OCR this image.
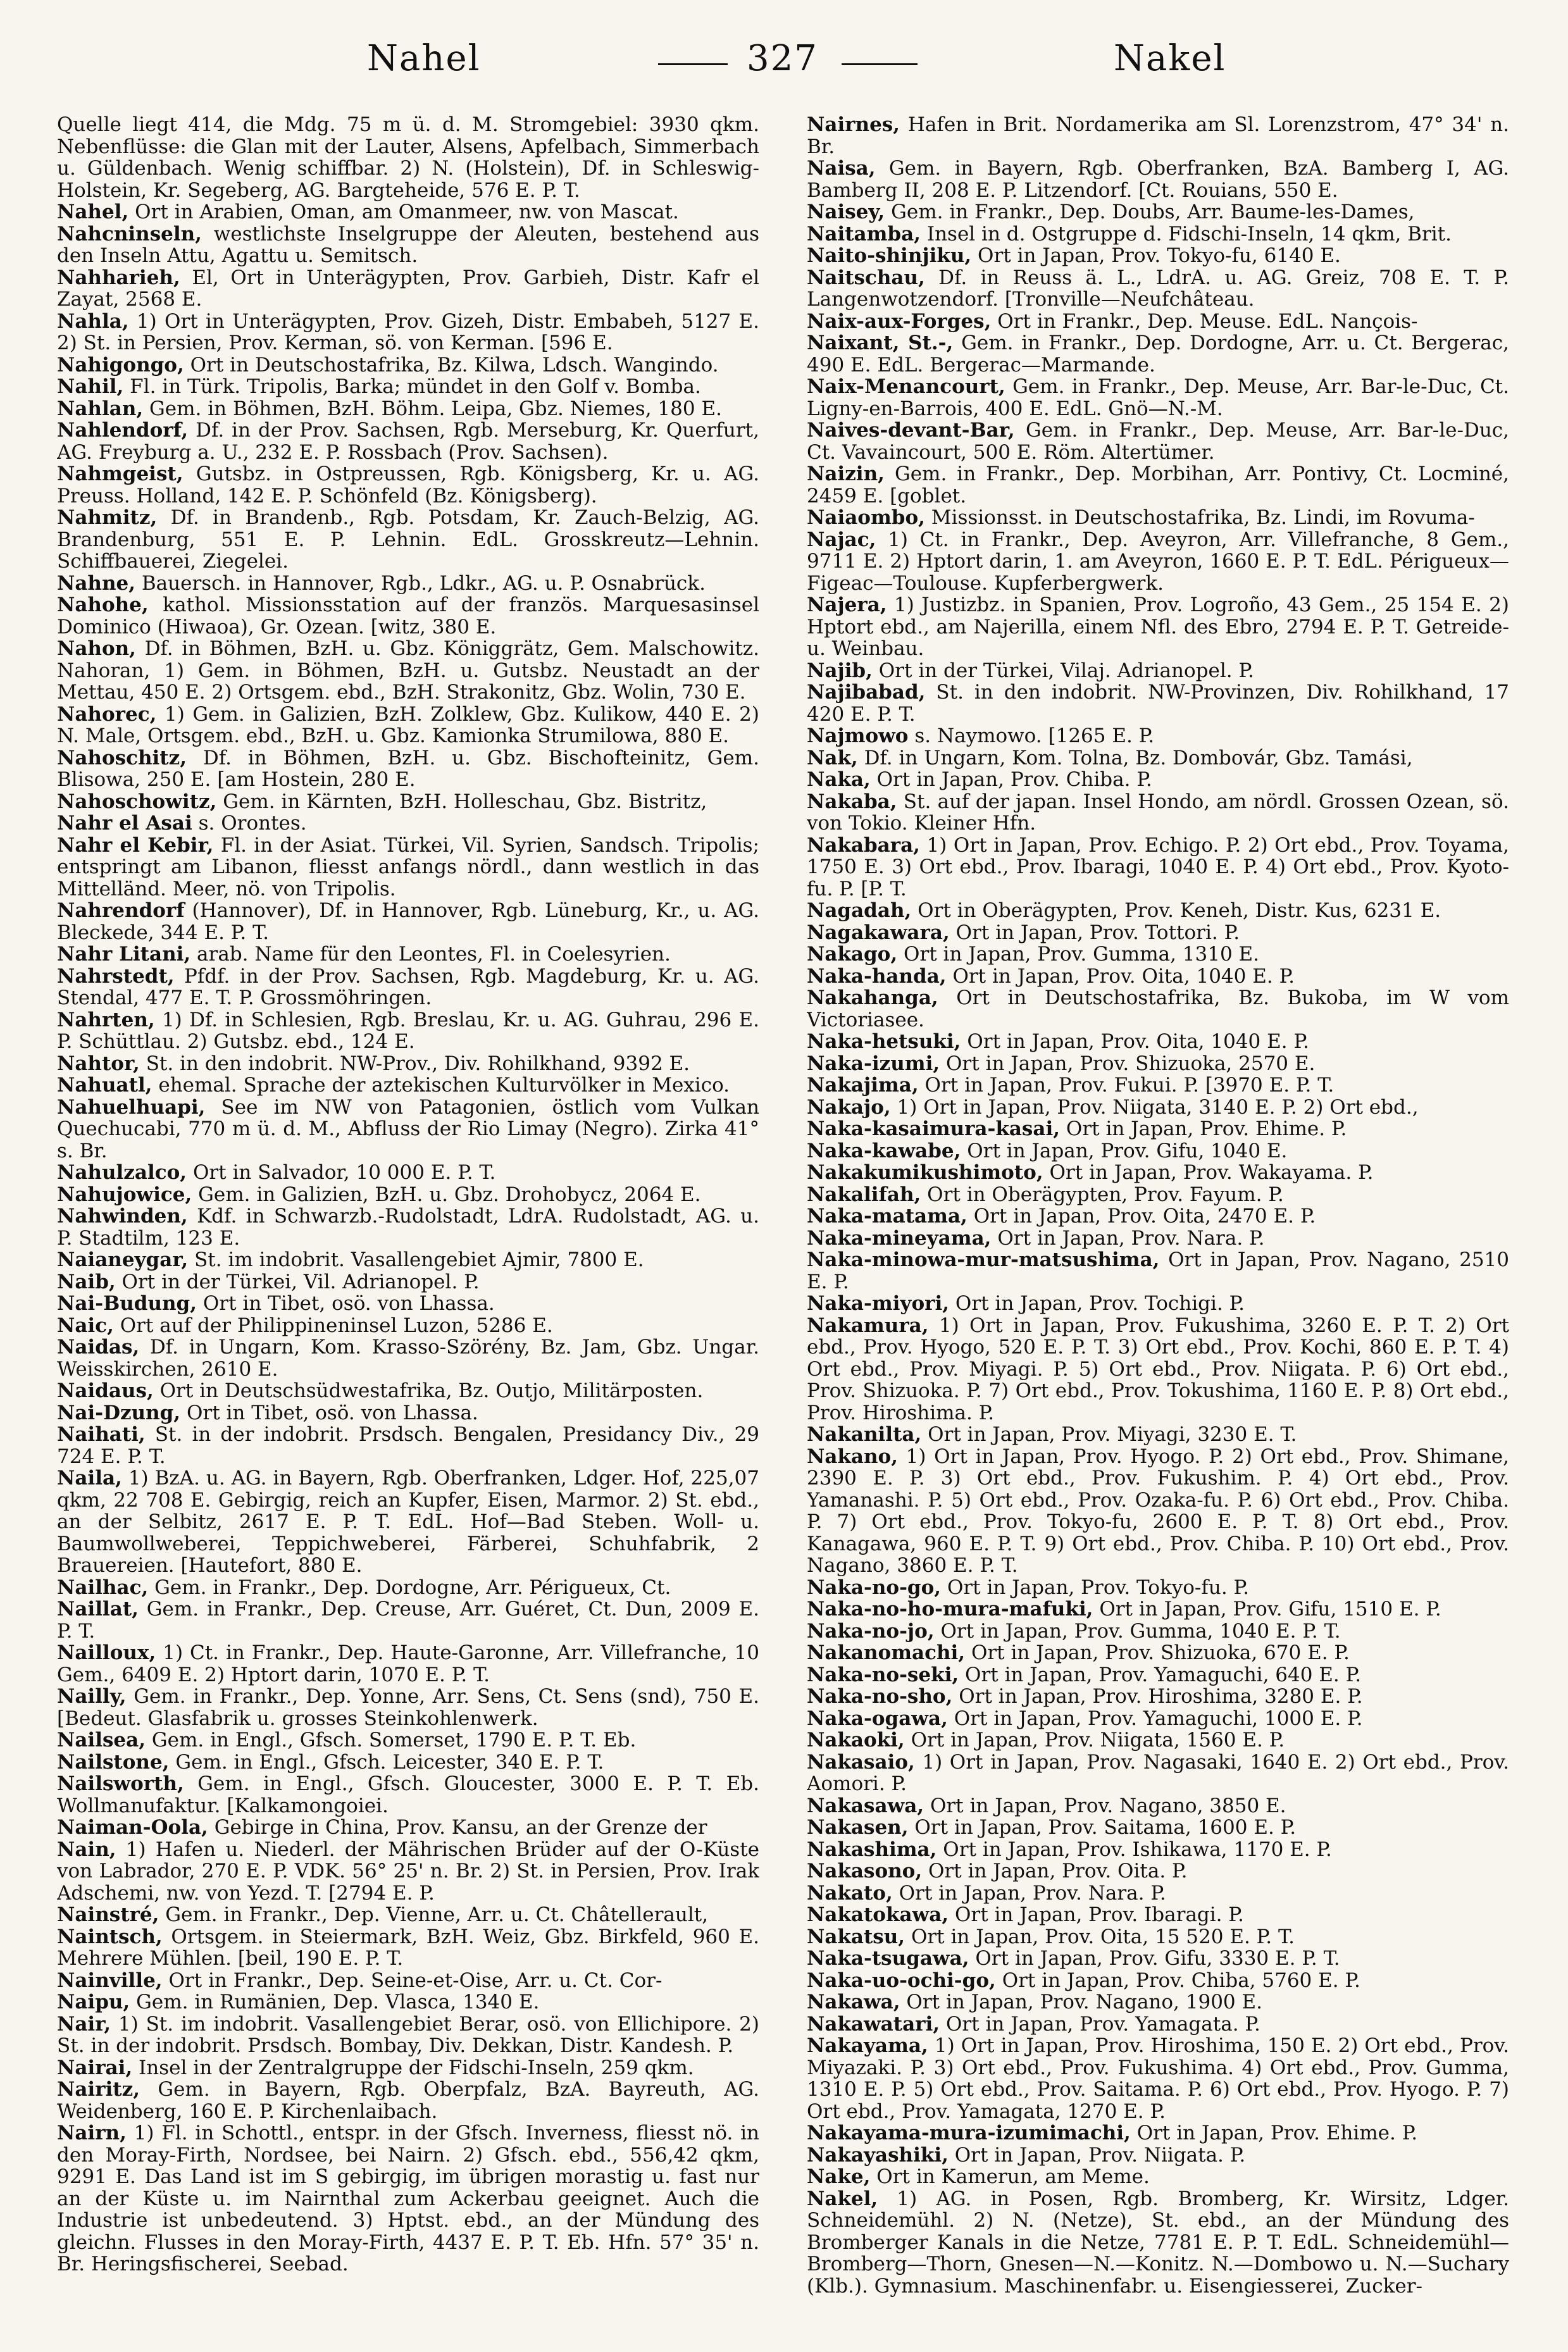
Nahel	327	Nakel

Quelle liegt 414, die Mdg. 75 m ü. d. M. Stromgebiel: 3930 qkm. Nebenflüsse: die Glan mit der Lauter, Alsens, Apfelbach, Simmerbach u. Güldenbach. Wenig schiffbar. 2) N. (Holstein), Df. in Schleswig-Holstein, Kr. Segeberg, AG. Bargteheide, 576 E. P. T.

Nahel, Ort in Arabien, Oman, am Omanmeer, nw. von Mascat.

Nahcninseln, westlichste Inselgruppe der Aleuten, bestehend aus den Inseln Attu, Agattu u. Semitsch.

Nahharieh, El, Ort in Unterägypten, Prov. Garbieh, Distr. Kafr el Zayat, 2568 E.

Nahla, 1) Ort in Unterägypten, Prov. Gizeh, Distr. Embabeh, 5127 E. 2) St. in Persien, Prov. Kerman, sö. von Kerman. [596 E.

Nahigongo, Ort in Deutschostafrika, Bz. Kilwa, Ldsch. Wangindo.

Nahil, Fl. in Türk. Tripolis, Barka; mündet in den Golf v. Bomba.

Nahlan, Gem. in Böhmen, BzH. Böhm. Leipa, Gbz. Niemes, 180 E.

Nahlendorf, Df. in der Prov. Sachsen, Rgb. Merseburg, Kr. Querfurt, AG. Freyburg a. U., 232 E. P. Rossbach (Prov. Sachsen).

Nahmgeist, Gutsbz. in Ostpreussen, Rgb. Königsberg, Kr. u. AG. Preuss. Holland, 142 E. P. Schönfeld (Bz. Königsberg).

Nahmitz, Df. in Brandenb., Rgb. Potsdam, Kr. Zauch-Belzig, AG. Brandenburg, 551 E. P. Lehnin. EdL. Grosskreutz—Lehnin. Schiffbauerei, Ziegelei.

Nahne, Bauersch. in Hannover, Rgb., Ldkr., AG. u. P. Osnabrück.

Nahohe, kathol. Missionsstation auf der französ. Marquesasinsel Dominico (Hiwaoa), Gr. Ozean. [witz, 380 E.

Nahon, Df. in Böhmen, BzH. u. Gbz. Königgrätz, Gem. Malschowitz. Nahoran, 1) Gem. in Böhmen, BzH. u. Gutsbz. Neustadt an der Mettau, 450 E. 2) Ortsgem. ebd., BzH. Strakonitz, Gbz. Wolin, 730 E.

Nahorec, 1) Gem. in Galizien, BzH. Zolklew, Gbz. Kulikow, 440 E. 2) N. Male, Ortsgem. ebd., BzH. u. Gbz. Kamionka Strumilowa, 880 E.

Nahoschitz, Df. in Böhmen, BzH. u. Gbz. Bischofteinitz, Gem. Blisowa, 250 E. [am Hostein, 280 E.

Nahoschowitz, Gem. in Kärnten, BzH. Holleschau, Gbz. Bistritz,

Nahr el Asai s. Orontes.

Nahr el Kebir, Fl. in der Asiat. Türkei, Vil. Syrien, Sandsch. Tripolis; entspringt am Libanon, fliesst anfangs nördl., dann westlich in das Mittelländ. Meer, nö. von Tripolis.

Nahrendorf (Hannover), Df. in Hannover, Rgb. Lüneburg, Kr., u. AG. Bleckede, 344 E. P. T.

Nahr Litani, arab. Name für den Leontes, Fl. in Coelesyrien.

Nahrstedt, Pfdf. in der Prov. Sachsen, Rgb. Magdeburg, Kr. u. AG. Stendal, 477 E. T. P. Grossmöhringen.

Nahrten, 1) Df. in Schlesien, Rgb. Breslau, Kr. u. AG. Guhrau, 296 E. P. Schüttlau. 2) Gutsbz. ebd., 124 E.

Nahtor, St. in den indobrit. NW-Prov., Div. Rohilkhand, 9392 E.

Nahuatl, ehemal. Sprache der aztekischen Kulturvölker in Mexico.

Nahuelhuapi, See im NW von Patagonien, östlich vom Vulkan Quechucabi, 770 m ü. d. M., Abfluss der Rio Limay (Negro). Zirka 41° s. Br.

Nahulzalco, Ort in Salvador, 10 000 E. P. T.

Nahujowice, Gem. in Galizien, BzH. u. Gbz. Drohobycz, 2064 E.

Nahwinden, Kdf. in Schwarzb.-Rudolstadt, LdrA. Rudolstadt, AG. u. P. Stadtilm, 123 E.

Naianeygar, St. im indobrit. Vasallengebiet Ajmir, 7800 E.

Naib, Ort in der Türkei, Vil. Adrianopel. P.

Nai-Budung, Ort in Tibet, osö. von Lhassa.

Naic, Ort auf der Philippineninsel Luzon, 5286 E.

Naidas, Df. in Ungarn, Kom. Krasso-Szörény, Bz. Jam, Gbz. Ungar. Weisskirchen, 2610 E.

Naidaus, Ort in Deutschsüdwestafrika, Bz. Outjo, Militärposten.

Nai-Dzung, Ort in Tibet, osö. von Lhassa.

Naihati, St. in der indobrit. Prsdsch. Bengalen, Presidancy Div., 29 724 E. P. T.

Naila, 1) BzA. u. AG. in Bayern, Rgb. Oberfranken, Ldger. Hof, 225,07 qkm, 22 708 E. Gebirgig, reich an Kupfer, Eisen, Marmor. 2) St. ebd., an der Selbitz, 2617 E. P. T. EdL. Hof—Bad Steben. Woll- u. Baumwollweberei, Teppichweberei, Färberei, Schuhfabrik, 2 Brauereien. [Hautefort, 880 E.

Nailhac, Gem. in Frankr., Dep. Dordogne, Arr. Périgueux, Ct.

Naillat, Gem. in Frankr., Dep. Creuse, Arr. Guéret, Ct. Dun, 2009 E. P. T.

Nailloux, 1) Ct. in Frankr., Dep. Haute-Garonne, Arr. Villefranche, 10 Gem., 6409 E. 2) Hptort darin, 1070 E. P. T.

Nailly, Gem. in Frankr., Dep. Yonne, Arr. Sens, Ct. Sens (snd), 750 E. [Bedeut. Glasfabrik u. grosses Steinkohlenwerk.

Nailsea, Gem. in Engl., Gfsch. Somerset, 1790 E. P. T. Eb.

Nailstone, Gem. in Engl., Gfsch. Leicester, 340 E. P. T.

Nailsworth, Gem. in Engl., Gfsch. Gloucester, 3000 E. P. T. Eb. Wollmanufaktur. [Kalkamongoiei.

Naiman-Oola, Gebirge in China, Prov. Kansu, an der Grenze der

Nain, 1) Hafen u. Niederl. der Mährischen Brüder auf der O-Küste von Labrador, 270 E. P. VDK. 56° 25' n. Br. 2) St. in Persien, Prov. Irak Adschemi, nw. von Yezd. T. [2794 E. P.

Nainstré, Gem. in Frankr., Dep. Vienne, Arr. u. Ct. Châtellerault,

Naintsch, Ortsgem. in Steiermark, BzH. Weiz, Gbz. Birkfeld, 960 E. Mehrere Mühlen. [beil, 190 E. P. T.

Nainville, Ort in Frankr., Dep. Seine-et-Oise, Arr. u. Ct. Cor-

Naipu, Gem. in Rumänien, Dep. Vlasca, 1340 E.

Nair, 1) St. im indobrit. Vasallengebiet Berar, osö. von Ellichipore. 2) St. in der indobrit. Prsdsch. Bombay, Div. Dekkan, Distr. Kandesh. P.

Nairai, Insel in der Zentralgruppe der Fidschi-Inseln, 259 qkm.

Nairitz, Gem. in Bayern, Rgb. Oberpfalz, BzA. Bayreuth, AG. Weidenberg, 160 E. P. Kirchenlaibach.

Nairn, 1) Fl. in Schottl., entspr. in der Gfsch. Inverness, fliesst nö. in den Moray-Firth, Nordsee, bei Nairn. 2) Gfsch. ebd., 556,42 qkm, 9291 E. Das Land ist im S gebirgig, im übrigen morastig u. fast nur an der Küste u. im Nairnthal zum Ackerbau geeignet. Auch die Industrie ist unbedeutend. 3) Hptst. ebd., an der Mündung des gleichn. Flusses in den Moray-Firth, 4437 E. P. T. Eb. Hfn. 57° 35' n. Br. Heringsfischerei, Seebad.

Nairnes, Hafen in Brit. Nordamerika am Sl. Lorenzstrom, 47° 34' n. Br.

Naisa, Gem. in Bayern, Rgb. Oberfranken, BzA. Bamberg I, AG. Bamberg II, 208 E. P. Litzendorf. [Ct. Rouians, 550 E.

Naisey, Gem. in Frankr., Dep. Doubs, Arr. Baume-les-Dames,

Naitamba, Insel in d. Ostgruppe d. Fidschi-Inseln, 14 qkm, Brit.

Naito-shinjiku, Ort in Japan, Prov. Tokyo-fu, 6140 E.

Naitschau, Df. in Reuss ä. L., LdrA. u. AG. Greiz, 708 E. T. P. Langenwotzendorf. [Tronville—Neufchâteau.

Naix-aux-Forges, Ort in Frankr., Dep. Meuse. EdL. Nançois-

Naixant, St.-, Gem. in Frankr., Dep. Dordogne, Arr. u. Ct. Bergerac, 490 E. EdL. Bergerac—Marmande.

Naix-Menancourt, Gem. in Frankr., Dep. Meuse, Arr. Bar-le-Duc, Ct. Ligny-en-Barrois, 400 E. EdL. Gnö—N.-M.

Naives-devant-Bar, Gem. in Frankr., Dep. Meuse, Arr. Bar-le-Duc, Ct. Vavaincourt, 500 E. Röm. Altertümer.

Naizin, Gem. in Frankr., Dep. Morbihan, Arr. Pontivy, Ct. Locminé, 2459 E. [goblet.

Naiaombo, Missionsst. in Deutschostafrika, Bz. Lindi, im Rovuma-

Najac, 1) Ct. in Frankr., Dep. Aveyron, Arr. Villefranche, 8 Gem., 9711 E. 2) Hptort darin, 1. am Aveyron, 1660 E. P. T. EdL. Périgueux—Figeac—Toulouse. Kupferbergwerk.

Najera, 1) Justizbz. in Spanien, Prov. Logroño, 43 Gem., 25 154 E. 2) Hptort ebd., am Najerilla, einem Nfl. des Ebro, 2794 E. P. T. Getreide- u. Weinbau.

Najib, Ort in der Türkei, Vilaj. Adrianopel. P.

Najibabad, St. in den indobrit. NW-Provinzen, Div. Rohilkhand, 17 420 E. P. T.

Najmowo s. Naymowo. [1265 E. P.

Nak, Df. in Ungarn, Kom. Tolna, Bz. Dombovár, Gbz. Tamási,

Naka, Ort in Japan, Prov. Chiba. P.

Nakaba, St. auf der japan. Insel Hondo, am nördl. Grossen Ozean, sö. von Tokio. Kleiner Hfn.

Nakabara, 1) Ort in Japan, Prov. Echigo. P. 2) Ort ebd., Prov. Toyama, 1750 E. 3) Ort ebd., Prov. Ibaragi, 1040 E. P. 4) Ort ebd., Prov. Kyoto-fu. P. [P. T.

Nagadah, Ort in Oberägypten, Prov. Keneh, Distr. Kus, 6231 E.

Nagakawara, Ort in Japan, Prov. Tottori. P.

Nakago, Ort in Japan, Prov. Gumma, 1310 E.

Naka-handa, Ort in Japan, Prov. Oita, 1040 E. P.

Nakahanga, Ort in Deutschostafrika, Bz. Bukoba, im W vom Victoriasee.

Naka-hetsuki, Ort in Japan, Prov. Oita, 1040 E. P.

Naka-izumi, Ort in Japan, Prov. Shizuoka, 2570 E.

Nakajima, Ort in Japan, Prov. Fukui. P. [3970 E. P. T.

Nakajo, 1) Ort in Japan, Prov. Niigata, 3140 E. P. 2) Ort ebd.,

Naka-kasaimura-kasai, Ort in Japan, Prov. Ehime. P.

Naka-kawabe, Ort in Japan, Prov. Gifu, 1040 E.

Nakakumikushimoto, Ort in Japan, Prov. Wakayama. P.

Nakalifah, Ort in Oberägypten, Prov. Fayum. P.

Naka-matama, Ort in Japan, Prov. Oita, 2470 E. P.

Naka-mineyama, Ort in Japan, Prov. Nara. P.

Naka-minowa-mur-matsushima, Ort in Japan, Prov. Nagano, 2510 E. P.

Naka-miyori, Ort in Japan, Prov. Tochigi. P.

Nakamura, 1) Ort in Japan, Prov. Fukushima, 3260 E. P. T. 2) Ort ebd., Prov. Hyogo, 520 E. P. T. 3) Ort ebd., Prov. Kochi, 860 E. P. T. 4) Ort ebd., Prov. Miyagi. P. 5) Ort ebd., Prov. Niigata. P. 6) Ort ebd., Prov. Shizuoka. P. 7) Ort ebd., Prov. Tokushima, 1160 E. P. 8) Ort ebd., Prov. Hiroshima. P.

Nakanilta, Ort in Japan, Prov. Miyagi, 3230 E. T.

Nakano, 1) Ort in Japan, Prov. Hyogo. P. 2) Ort ebd., Prov. Shimane, 2390 E. P. 3) Ort ebd., Prov. Fukushim. P. 4) Ort ebd., Prov. Yamanashi. P. 5) Ort ebd., Prov. Ozaka-fu. P. 6) Ort ebd., Prov. Chiba. P. 7) Ort ebd., Prov. Tokyo-fu, 2600 E. P. T. 8) Ort ebd., Prov. Kanagawa, 960 E. P. T. 9) Ort ebd., Prov. Chiba. P. 10) Ort ebd., Prov. Nagano, 3860 E. P. T.

Naka-no-go, Ort in Japan, Prov. Tokyo-fu. P.

Naka-no-ho-mura-mafuki, Ort in Japan, Prov. Gifu, 1510 E. P.

Naka-no-jo, Ort in Japan, Prov. Gumma, 1040 E. P. T.

Nakanomachi, Ort in Japan, Prov. Shizuoka, 670 E. P.

Naka-no-seki, Ort in Japan, Prov. Yamaguchi, 640 E. P.

Naka-no-sho, Ort in Japan, Prov. Hiroshima, 3280 E. P.

Naka-ogawa, Ort in Japan, Prov. Yamaguchi, 1000 E. P.

Nakaoki, Ort in Japan, Prov. Niigata, 1560 E. P.

Nakasaio, 1) Ort in Japan, Prov. Nagasaki, 1640 E. 2) Ort ebd., Prov. Aomori. P.

Nakasawa, Ort in Japan, Prov. Nagano, 3850 E.

Nakasen, Ort in Japan, Prov. Saitama, 1600 E. P.

Nakashima, Ort in Japan, Prov. Ishikawa, 1170 E. P.

Nakasono, Ort in Japan, Prov. Oita. P.

Nakato, Ort in Japan, Prov. Nara. P.

Nakatokawa, Ort in Japan, Prov. Ibaragi. P.

Nakatsu, Ort in Japan, Prov. Oita, 15 520 E. P. T.

Naka-tsugawa, Ort in Japan, Prov. Gifu, 3330 E. P. T.

Naka-uo-ochi-go, Ort in Japan, Prov. Chiba, 5760 E. P.

Nakawa, Ort in Japan, Prov. Nagano, 1900 E.

Nakawatari, Ort in Japan, Prov. Yamagata. P.

Nakayama, 1) Ort in Japan, Prov. Hiroshima, 150 E. 2) Ort ebd., Prov. Miyazaki. P. 3) Ort ebd., Prov. Fukushima. 4) Ort ebd., Prov. Gumma, 1310 E. P. 5) Ort ebd., Prov. Saitama. P. 6) Ort ebd., Prov. Hyogo. P. 7) Ort ebd., Prov. Yamagata, 1270 E. P.

Nakayama-mura-izumimachi, Ort in Japan, Prov. Ehime. P.

Nakayashiki, Ort in Japan, Prov. Niigata. P.

Nake, Ort in Kamerun, am Meme.

Nakel, 1) AG. in Posen, Rgb. Bromberg, Kr. Wirsitz, Ldger. Schneidemühl. 2) N. (Netze), St. ebd., an der Mündung des Bromberger Kanals in die Netze, 7781 E. P. T. EdL. Schneidemühl—Bromberg—Thorn, Gnesen—N.—Konitz. N.—Dombowo u. N.—Suchary (Klb.). Gymnasium. Maschinenfabr. u. Eisengiesserei, Zucker-
